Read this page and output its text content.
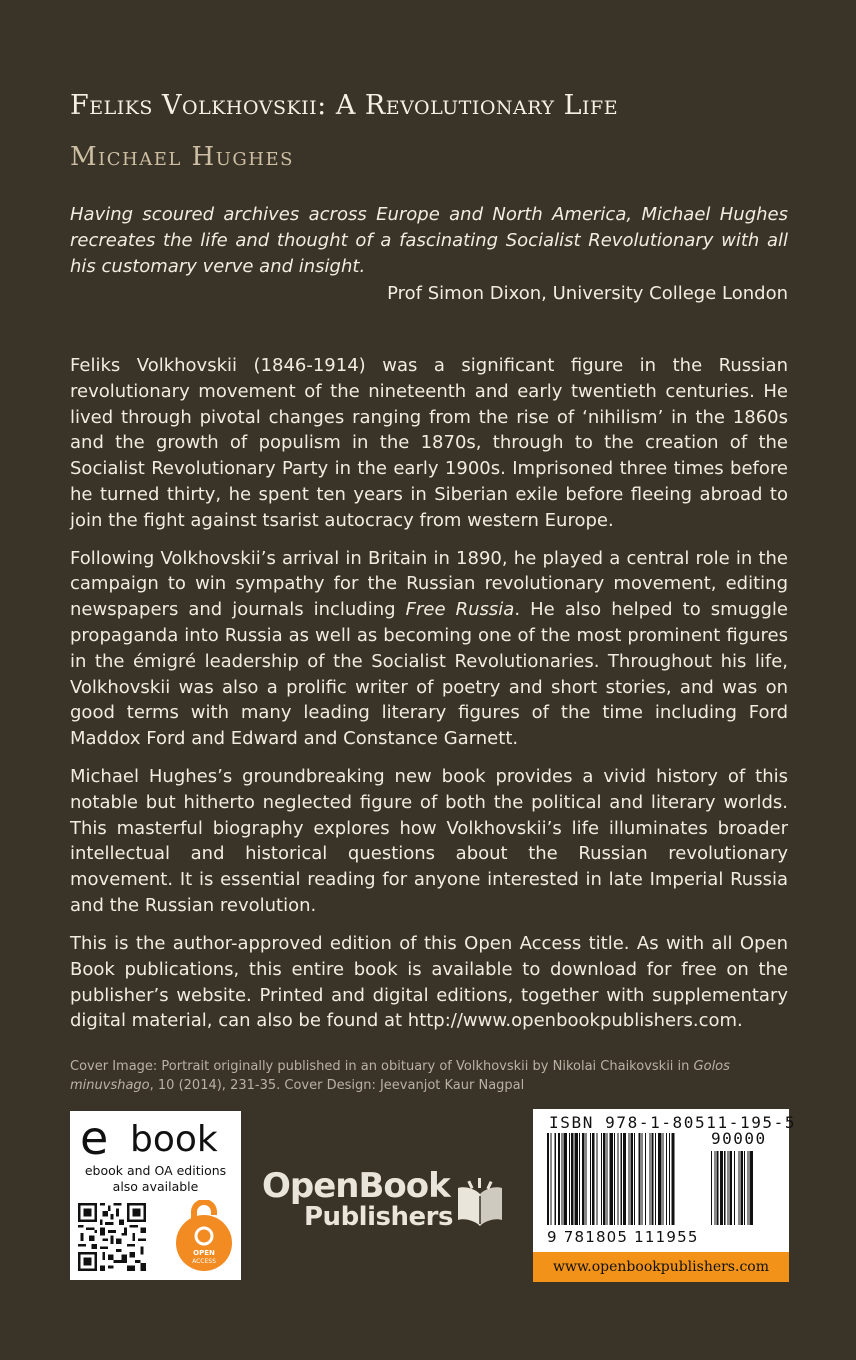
Feliks Volkhovskii: A Revolutionary Life
Michael Hughes

Having scoured archives across Europe and North America, Michael Hughes recreates the life and thought of a fascinating Socialist Revolutionary with all his customary verve and insight.

Prof Simon Dixon, University College London

Feliks Volkhovskii (1846-1914) was a significant figure in the Russian revolutionary movement of the nineteenth and early twentieth centuries. He lived through pivotal changes ranging from the rise of ‘nihilism’ in the 1860s and the growth of populism in the 1870s, through to the creation of the Socialist Revolutionary Party in the early 1900s. Imprisoned three times before he turned thirty, he spent ten years in Siberian exile before fleeing abroad to join the fight against tsarist autocracy from western Europe.

Following Volkhovskii’s arrival in Britain in 1890, he played a central role in the campaign to win sympathy for the Russian revolutionary movement, editing newspapers and journals including Free Russia. He also helped to smuggle propaganda into Russia as well as becoming one of the most prominent figures in the émigré leadership of the Socialist Revolutionaries. Throughout his life, Volkhovskii was also a prolific writer of poetry and short stories, and was on good terms with many leading literary figures of the time including Ford Maddox Ford and Edward and Constance Garnett.

Michael Hughes’s groundbreaking new book provides a vivid history of this notable but hitherto neglected figure of both the political and literary worlds. This masterful biography explores how Volkhovskii’s life illuminates broader intellectual and historical questions about the Russian revolutionary movement. It is essential reading for anyone interested in late Imperial Russia and the Russian revolution.

This is the author-approved edition of this Open Access title. As with all Open Book publications, this entire book is available to download for free on the publisher’s website. Printed and digital editions, together with supplementary digital material, can also be found at http://www.openbookpublishers.com.

Cover Image: Portrait originally published in an obituary of Volkhovskii by Nikolai Chaikovskii in Golos minuvshago, 10 (2014), 231-35. Cover Design: Jeevanjot Kaur Nagpal

e book
ebook and OA editions
also available
OPEN
ACCESS
OpenBook
Publishers
ISBN 978-1-80511-195-5
90000
9 781805 111955
www.openbookpublishers.com
